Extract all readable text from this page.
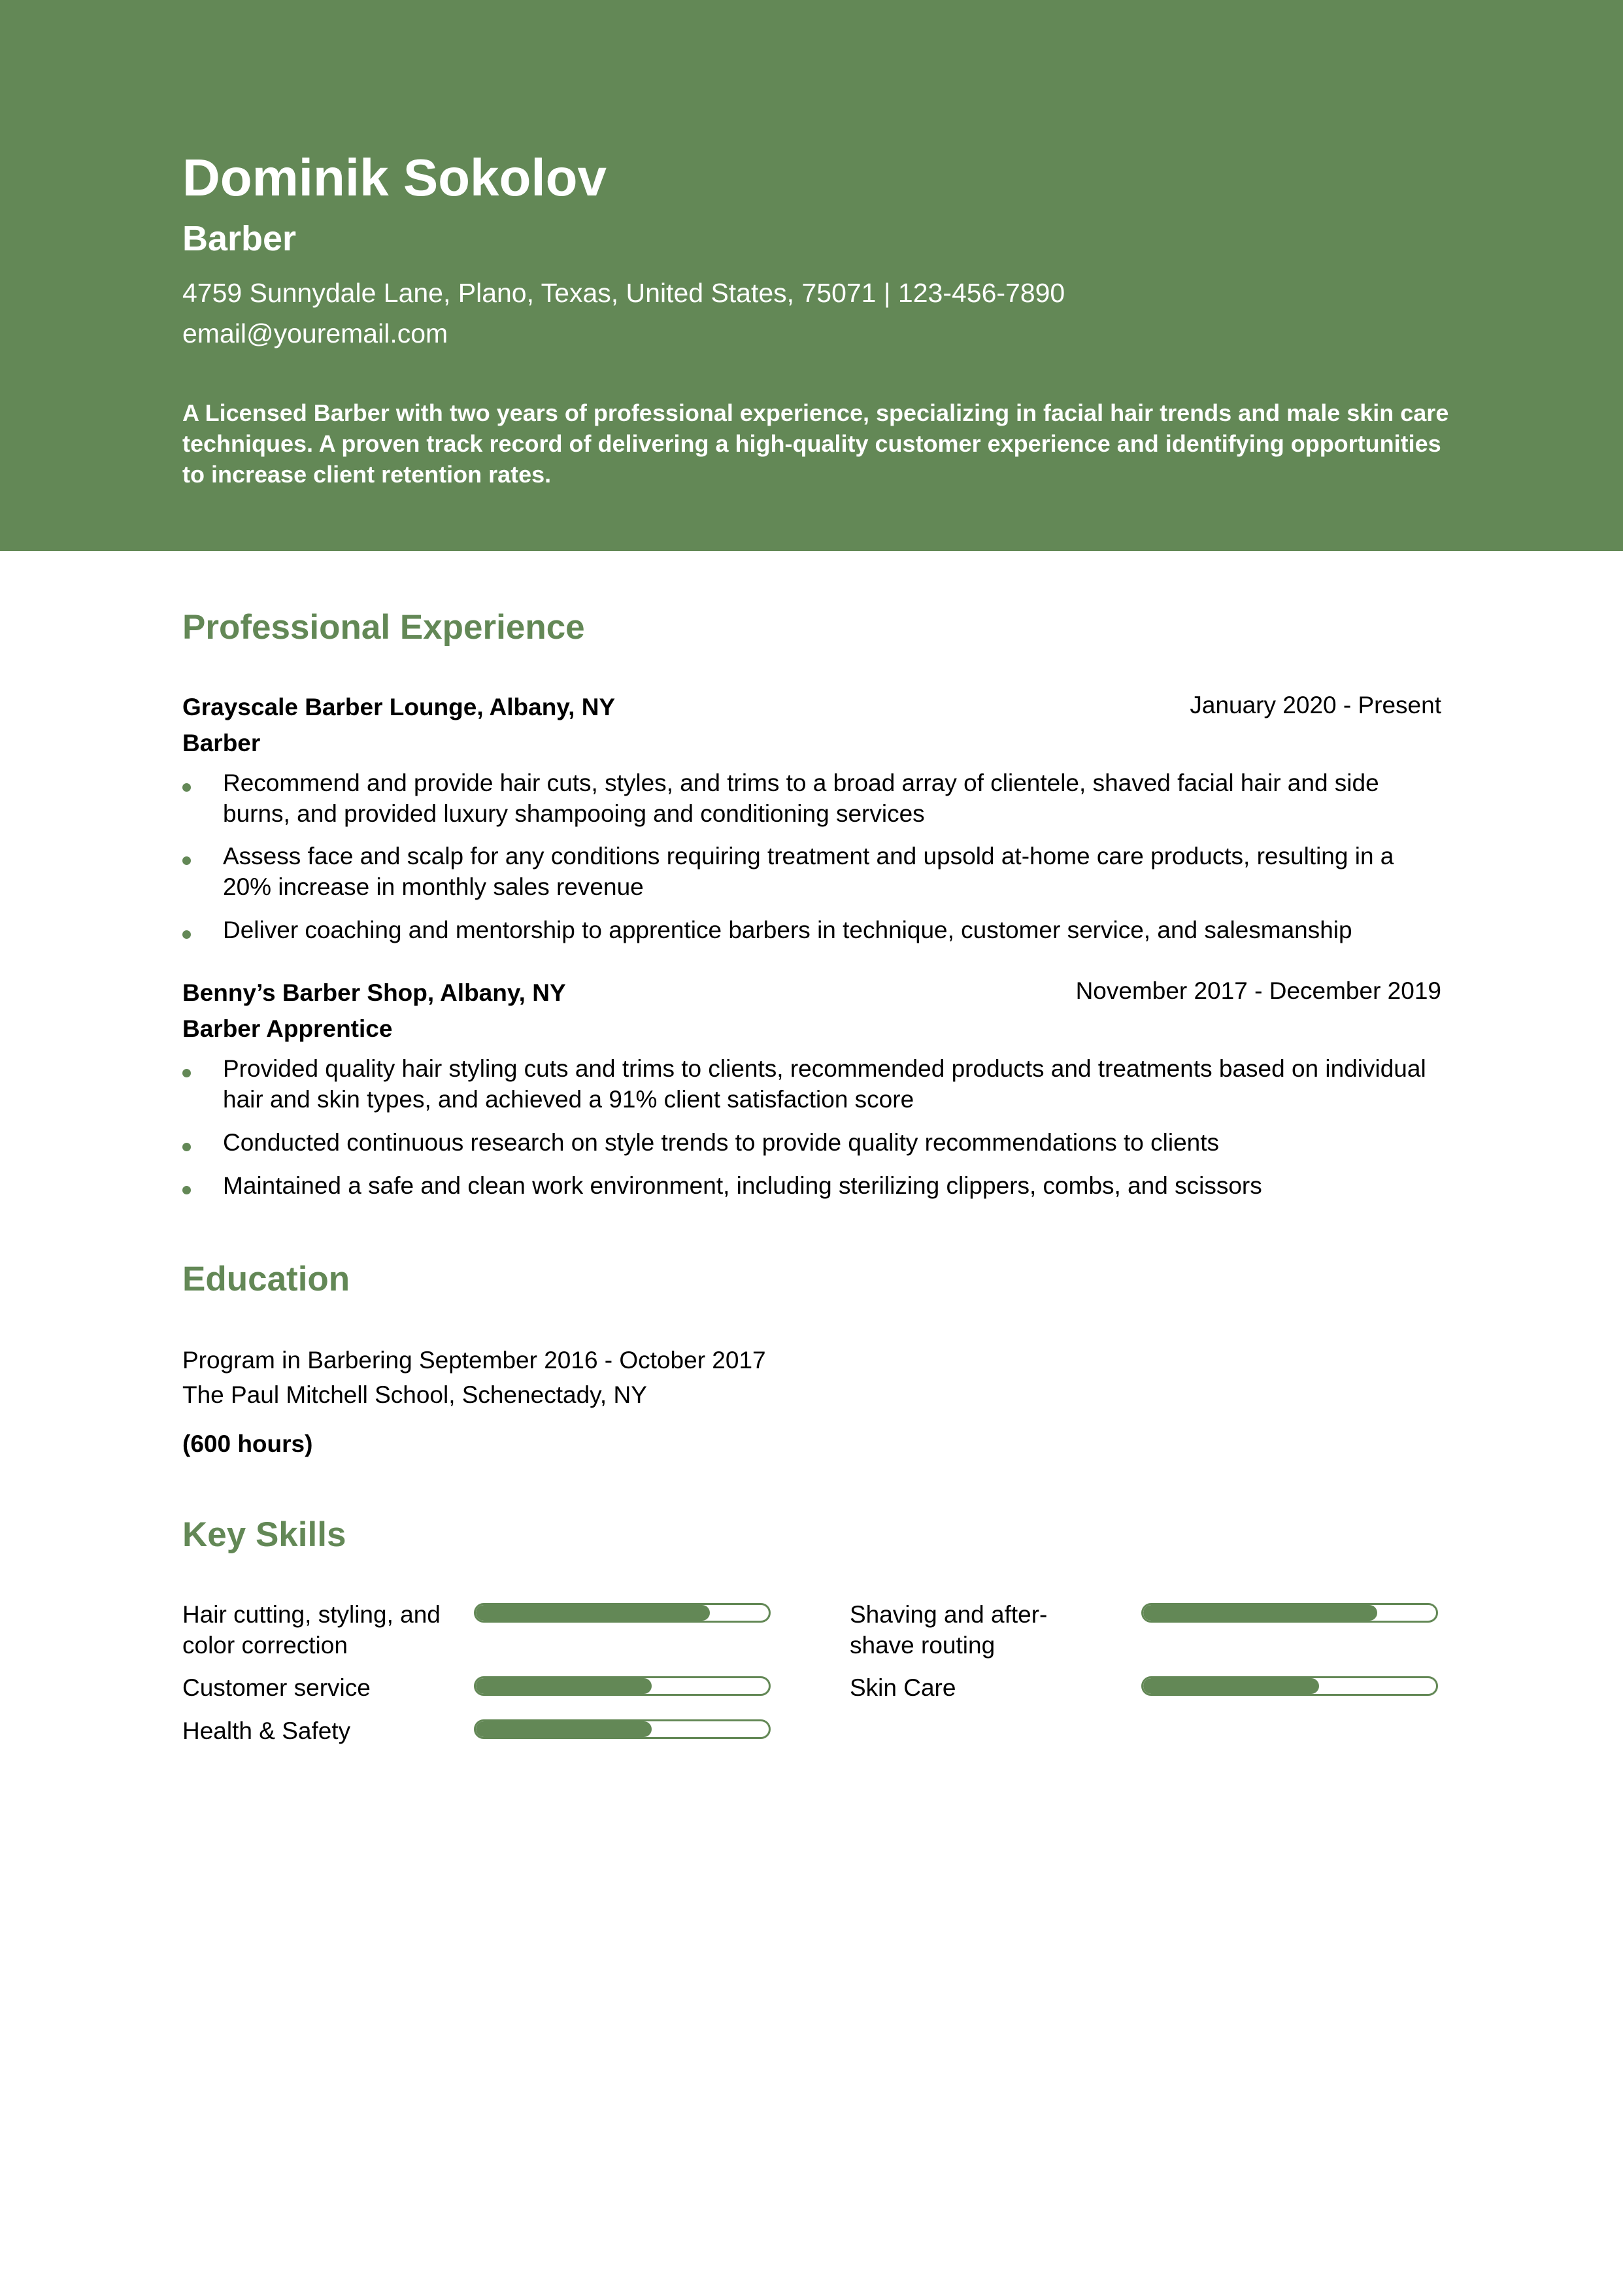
Dominik Sokolov
Barber
4759 Sunnydale Lane, Plano, Texas, United States, 75071 | 123-456-7890
email@youremail.com
A Licensed Barber with two years of professional experience, specializing in facial hair trends and male skin care techniques. A proven track record of delivering a high-quality customer experience and identifying opportunities to increase client retention rates.
Professional Experience
Grayscale Barber Lounge, Albany, NY	January 2020 - Present
Barber
Recommend and provide hair cuts, styles, and trims to a broad array of clientele, shaved facial hair and side burns, and provided luxury shampooing and conditioning services
Assess face and scalp for any conditions requiring treatment and upsold at-home care products, resulting in a 20% increase in monthly sales revenue
Deliver coaching and mentorship to apprentice barbers in technique, customer service, and salesmanship
Benny’s Barber Shop, Albany, NY	November 2017 - December 2019
Barber Apprentice
Provided quality hair styling cuts and trims to clients, recommended products and treatments based on individual hair and skin types, and achieved a 91% client satisfaction score
Conducted continuous research on style trends to provide quality recommendations to clients
Maintained a safe and clean work environment, including sterilizing clippers, combs, and scissors
Education
Program in Barbering September 2016 - October 2017
The Paul Mitchell School, Schenectady, NY
(600 hours)
Key Skills
Hair cutting, styling, and color correction
Shaving and after-shave routing
Customer service	Skin Care
Health & Safety
